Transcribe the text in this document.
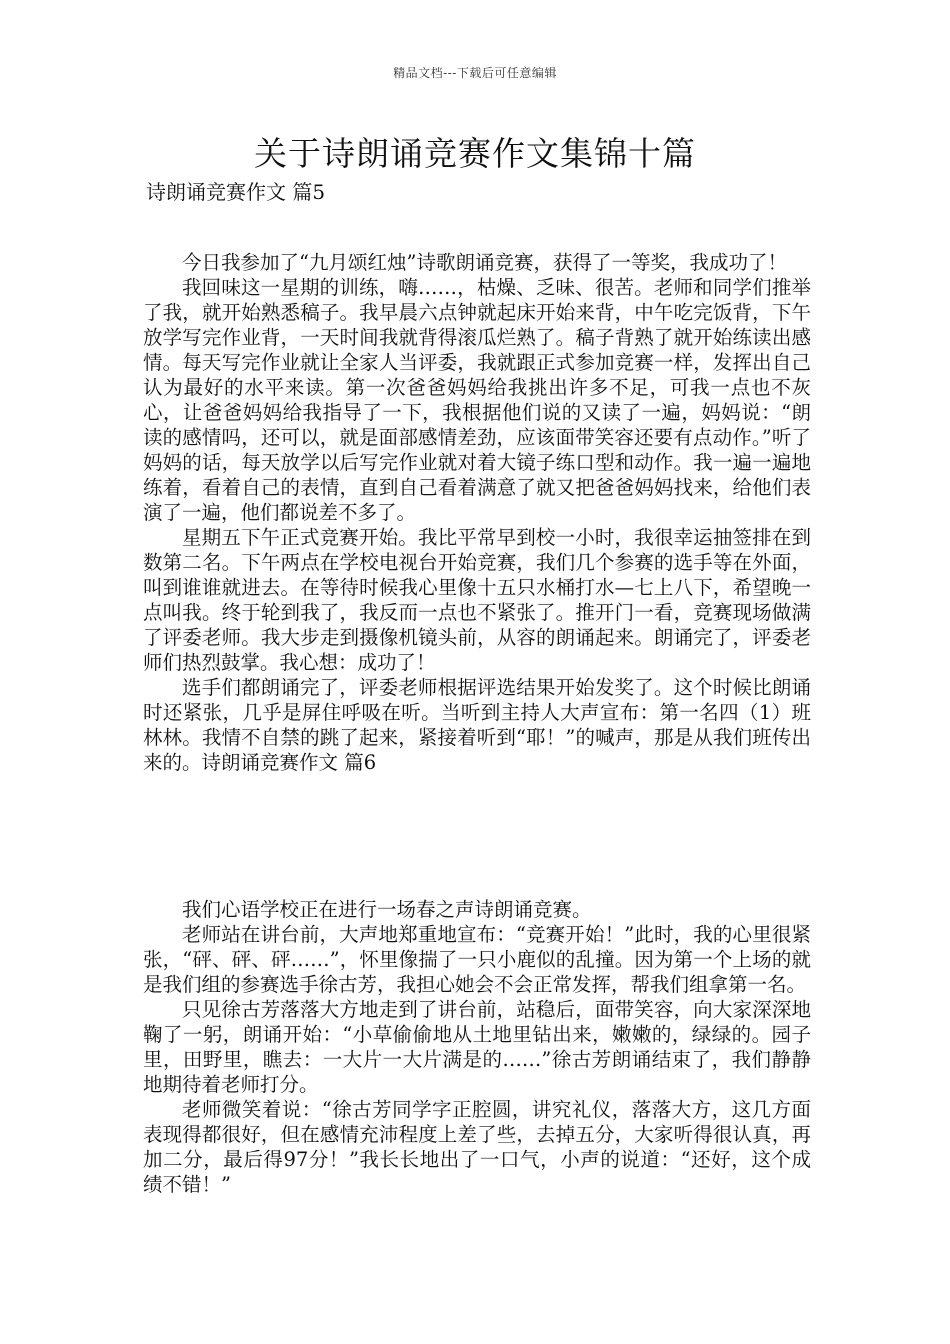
精品文档---下载后可任意编辑
关于诗朗诵竞赛作文集锦十篇
诗朗诵竞赛作文 篇5

今日我参加了“九月颂红烛”诗歌朗诵竞赛，获得了一等奖，我成功了！

我回味这一星期的训练，嗨……，枯燥、乏味、很苦。老师和同学们推举了我，就开始熟悉稿子。我早晨六点钟就起床开始来背，中午吃完饭背，下午放学写完作业背，一天时间我就背得滚瓜烂熟了。稿子背熟了就开始练读出感情。每天写完作业就让全家人当评委，我就跟正式参加竞赛一样，发挥出自己认为最好的水平来读。第一次爸爸妈妈给我挑出许多不足，可我一点也不灰心，让爸爸妈妈给我指导了一下，我根据他们说的又读了一遍，妈妈说：“朗读的感情吗，还可以，就是面部感情差劲，应该面带笑容还要有点动作。”听了妈妈的话，每天放学以后写完作业就对着大镜子练口型和动作。我一遍一遍地练着，看着自己的表情，直到自己看着满意了就又把爸爸妈妈找来，给他们表演了一遍，他们都说差不多了。

星期五下午正式竞赛开始。我比平常早到校一小时，我很幸运抽签排在到数第二名。下午两点在学校电视台开始竞赛，我们几个参赛的选手等在外面，叫到谁谁就进去。在等待时候我心里像十五只水桶打水—七上八下，希望晚一点叫我。终于轮到我了，我反而一点也不紧张了。推开门一看，竞赛现场做满了评委老师。我大步走到摄像机镜头前，从容的朗诵起来。朗诵完了，评委老师们热烈鼓掌。我心想：成功了！

选手们都朗诵完了，评委老师根据评选结果开始发奖了。这个时候比朗诵时还紧张，几乎是屏住呼吸在听。当听到主持人大声宣布：第一名四（1）班林林。我情不自禁的跳了起来，紧接着听到“耶！”的喊声，那是从我们班传出来的。诗朗诵竞赛作文 篇6

我们心语学校正在进行一场春之声诗朗诵竞赛。

老师站在讲台前，大声地郑重地宣布：“竞赛开始！”此时，我的心里很紧张，“砰、砰、砰……”，怀里像揣了一只小鹿似的乱撞。因为第一个上场的就是我们组的参赛选手徐古芳，我担心她会不会正常发挥，帮我们组拿第一名。

只见徐古芳落落大方地走到了讲台前，站稳后，面带笑容，向大家深深地鞠了一躬，朗诵开始：“小草偷偷地从土地里钻出来，嫩嫩的，绿绿的。园子里，田野里，瞧去：一大片一大片满是的……”徐古芳朗诵结束了，我们静静地期待着老师打分。

老师微笑着说：“徐古芳同学字正腔圆，讲究礼仪，落落大方，这几方面表现得都很好，但在感情充沛程度上差了些，去掉五分，大家听得很认真，再加二分，最后得97分！”我长长地出了一口气，小声的说道：“还好，这个成绩不错！”
